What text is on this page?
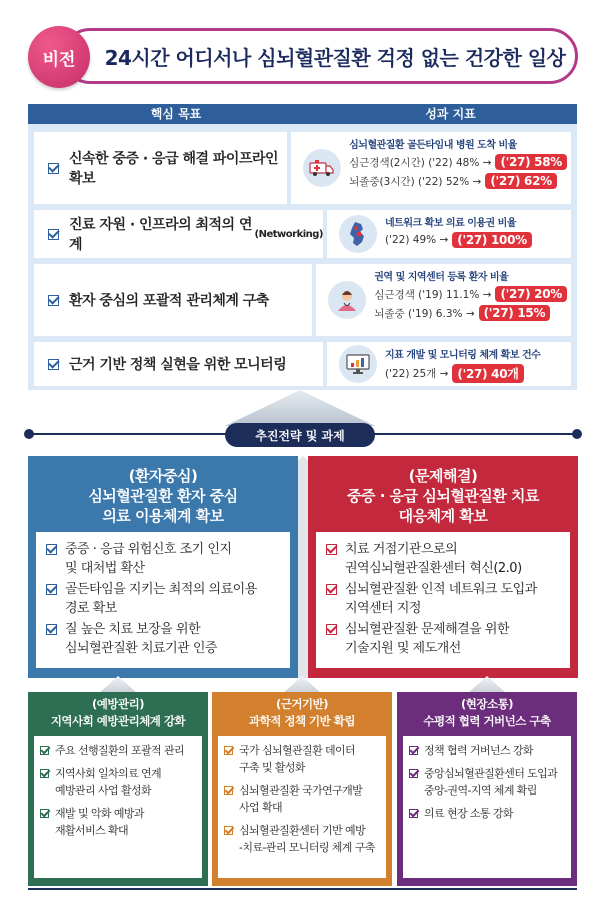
24시간 어디서나 심뇌혈관질환 걱정 없는 건강한 일상
비전
핵심 목표	성과 지표
신속한 중증 · 응급 해결 파이프라인 확보
심뇌혈관질환 골든타임내 병원 도착 비율
심근경색(2시간) ('22) 48% → ('27) 58%
뇌졸중(3시간) ('22) 52% → ('27) 62%
진료 자원 · 인프라의 최적의 연계
(Networking)
네트워크 확보 의료 이용권 비율
('22) 49% → ('27) 100%
환자 중심의 포괄적 관리체계 구축
권역 및 지역센터 등록 환자 비율
심근경색 ('19) 11.1% → ('27) 20%
뇌졸중 ('19) 6.3% → ('27) 15%
근거 기반 정책 실현을 위한 모니터링
지표 개발 및 모니터링 체계 확보 건수
('22) 25개 → ('27) 40개
추진전략 및 과제
(환자중심)
심뇌혈관질환 환자 중심
의료 이용체계 확보
중증 · 응급 위험신호 조기 인지
및 대처법 확산
골든타임을 지키는 최적의 의료이용
경로 확보
질 높은 치료 보장을 위한
심뇌혈관질환 치료기관 인증
(문제해결)
중증 · 응급 심뇌혈관질환 치료
대응체계 확보
치료 거점기관으로의
권역심뇌혈관질환센터 혁신(2.0)
심뇌혈관질환 인적 네트워크 도입과
지역센터 지정
심뇌혈관질환 문제해결을 위한
기술지원 및 제도개선
(예방관리)
지역사회 예방관리체계 강화
주요 선행질환의 포괄적 관리
지역사회 일차의료 연계
예방관리 사업 활성화
재발 및 악화 예방과
재활서비스 확대
(근거기반)
과학적 정책 기반 확립
국가 심뇌혈관질환 데이터
구축 및 활성화
심뇌혈관질환 국가연구개발
사업 확대
심뇌혈관질환센터 기반 예방
-치료-관리 모니터링 체계 구축
(현장소통)
수평적 협력 거버넌스 구축
정책 협력 거버넌스 강화
중앙심뇌혈관질환센터 도입과
중앙-권역-지역 체계 확립
의료 현장 소통 강화
